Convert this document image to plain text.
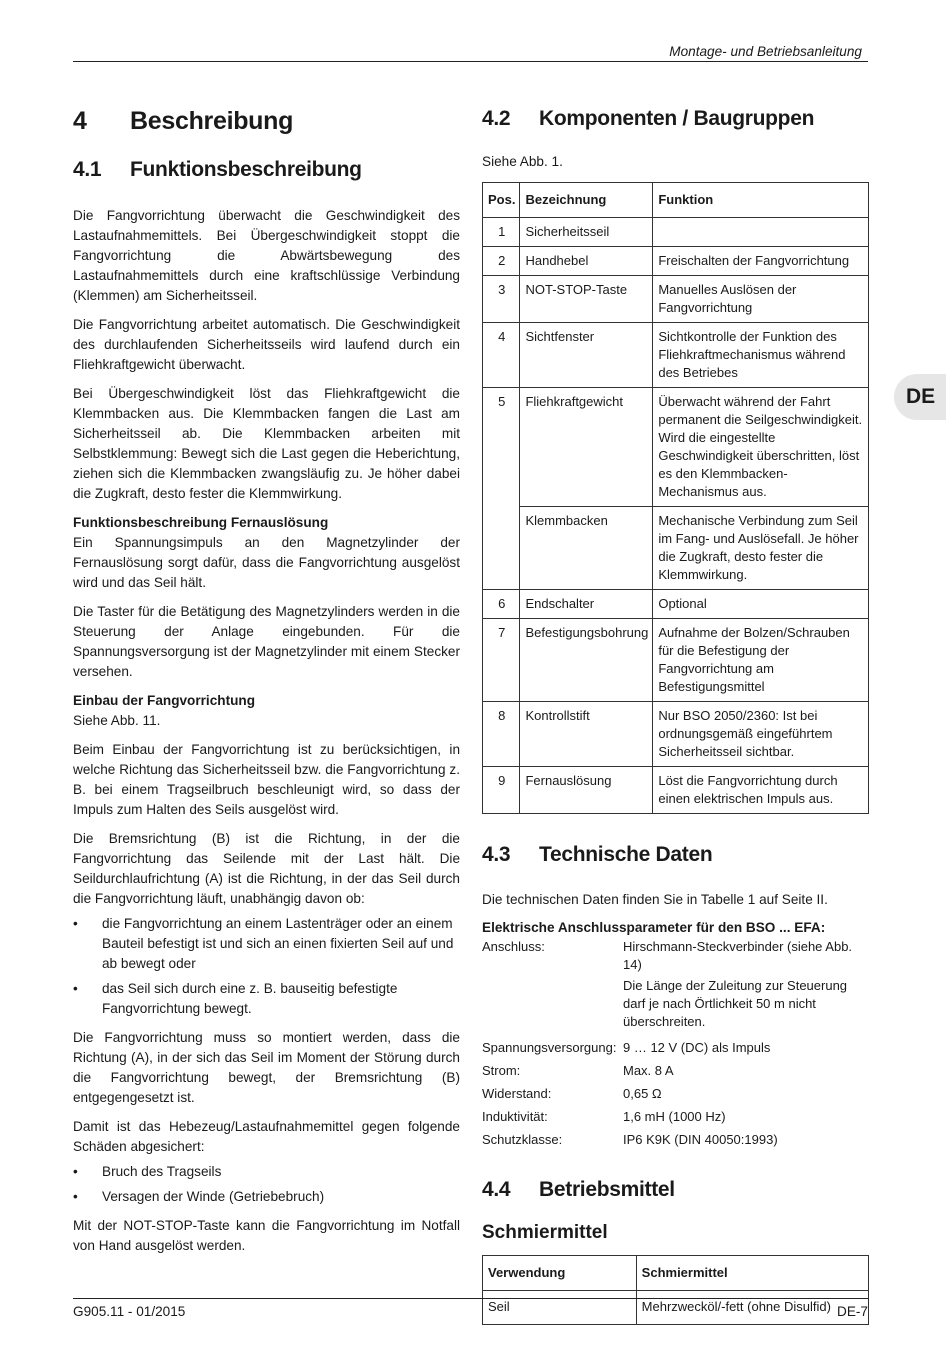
Montage- und Betriebsanleitung
DE
4 Beschreibung
4.1 Funktionsbeschreibung

Die Fangvorrichtung überwacht die Geschwindigkeit des Lastaufnahmemittels. Bei Übergeschwindigkeit stoppt die Fangvorrichtung die Abwärtsbewegung des Lastaufnahmemittels durch eine kraftschlüssige Verbindung (Klemmen) am Sicherheitsseil.

Die Fangvorrichtung arbeitet automatisch. Die Geschwindigkeit des durchlaufenden Sicherheitsseils wird laufend durch ein Fliehkraftgewicht überwacht.

Bei Übergeschwindigkeit löst das Fliehkraftgewicht die Klemmbacken aus. Die Klemmbacken fangen die Last am Sicherheitsseil ab. Die Klemmbacken arbeiten mit Selbstklemmung: Bewegt sich die Last gegen die Heberichtung, ziehen sich die Klemmbacken zwangsläufig zu. Je höher dabei die Zugkraft, desto fester die Klemmwirkung.

Funktionsbeschreibung Fernauslösung

Ein Spannungsimpuls an den Magnetzylinder der Fernauslösung sorgt dafür, dass die Fangvorrichtung ausgelöst wird und das Seil hält.

Die Taster für die Betätigung des Magnetzylinders werden in die Steuerung der Anlage eingebunden. Für die Spannungsversorgung ist der Magnetzylinder mit einem Stecker versehen.

Einbau der Fangvorrichtung

Siehe Abb. 11.

Beim Einbau der Fangvorrichtung ist zu berücksichtigen, in welche Richtung das Sicherheitsseil bzw. die Fangvorrichtung z. B. bei einem Tragseilbruch beschleunigt wird, so dass der Impuls zum Halten des Seils ausgelöst wird.

Die Bremsrichtung (B) ist die Richtung, in der die Fangvorrichtung das Seilende mit der Last hält. Die Seildurchlaufrichtung (A) ist die Richtung, in der das Seil durch die Fangvorrichtung läuft, unabhängig davon ob:

• die Fangvorrichtung an einem Lastenträger oder an einem Bauteil befestigt ist und sich an einen fixierten Seil auf und ab bewegt oder
• das Seil sich durch eine z. B. bauseitig befestigte Fangvorrichtung bewegt.

Die Fangvorrichtung muss so montiert werden, dass die Richtung (A), in der sich das Seil im Moment der Störung durch die Fangvorrichtung bewegt, der Bremsrichtung (B) entgegengesetzt ist.

Damit ist das Hebezeug/Lastaufnahmemittel gegen folgende Schäden abgesichert:

• Bruch des Tragseils
• Versagen der Winde (Getriebebruch)

Mit der NOT-STOP-Taste kann die Fangvorrichtung im Notfall von Hand ausgelöst werden.

4.2 Komponenten / Baugruppen

Siehe Abb. 1.

Pos.	Bezeichnung	Funktion
1	Sicherheitsseil	
2	Handhebel	Freischalten der Fangvorrichtung
3	NOT-STOP-Taste	Manuelles Auslösen der Fangvorrichtung
4	Sichtfenster	Sichtkontrolle der Funktion des Fliehkraftmechanismus während des Betriebes
5	Fliehkraftgewicht	Überwacht während der Fahrt permanent die Seilgeschwindigkeit. Wird die eingestellte Geschwindigkeit überschritten, löst es den Klemmbacken-Mechanismus aus.
	Klemmbacken	Mechanische Verbindung zum Seil im Fang- und Auslösefall. Je höher die Zugkraft, desto fester die Klemmwirkung.
6	Endschalter	Optional
7	Befestigungsbohrung	Aufnahme der Bolzen/Schrauben für die Befestigung der Fangvorrichtung am Befestigungsmittel
8	Kontrollstift	Nur BSO 2050/2360: Ist bei ordnungsgemäß eingeführtem Sicherheitsseil sichtbar.
9	Fernauslösung	Löst die Fangvorrichtung durch einen elektrischen Impuls aus.
4.3 Technische Daten

Die technischen Daten finden Sie in Tabelle 1 auf Seite II.

Elektrische Anschlussparameter für den BSO ... EFA:

Anschluss:	Hirschmann-Steckverbinder (siehe Abb. 14)

Die Länge der Zuleitung zur Steuerung darf je nach Örtlichkeit 50 m nicht überschreiten.

Spannungsversorgung: 9 … 12 V (DC) als Impuls
Strom:	Max. 8 A
Widerstand:	0,65 Ω
Induktivität:	1,6 mH (1000 Hz)
Schutzklasse:	IP6 K9K (DIN 40050:1993)
4.4 Betriebsmittel
Schmiermittel
Verwendung	Schmiermittel
Seil	Mehrzwecköl/-fett (ohne Disulfid)
G905.11 - 01/2015	DE-7
